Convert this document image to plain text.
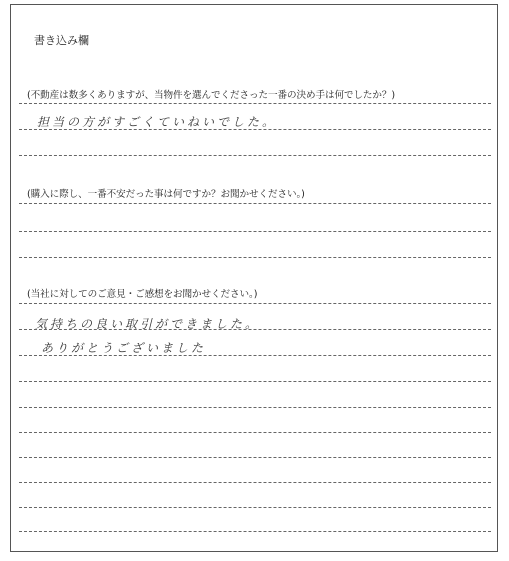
書き込み欄
(不動産は数多くありますが、当物件を選んでくださった一番の決め手は何でしたか？)
担当の方がすごくていねいでした。
(購入に際し、一番不安だった事は何ですか？お聞かせください。)
(当社に対してのご意見・ご感想をお聞かせください。)
気持ちの良い取引ができました。
ありがとうございました
